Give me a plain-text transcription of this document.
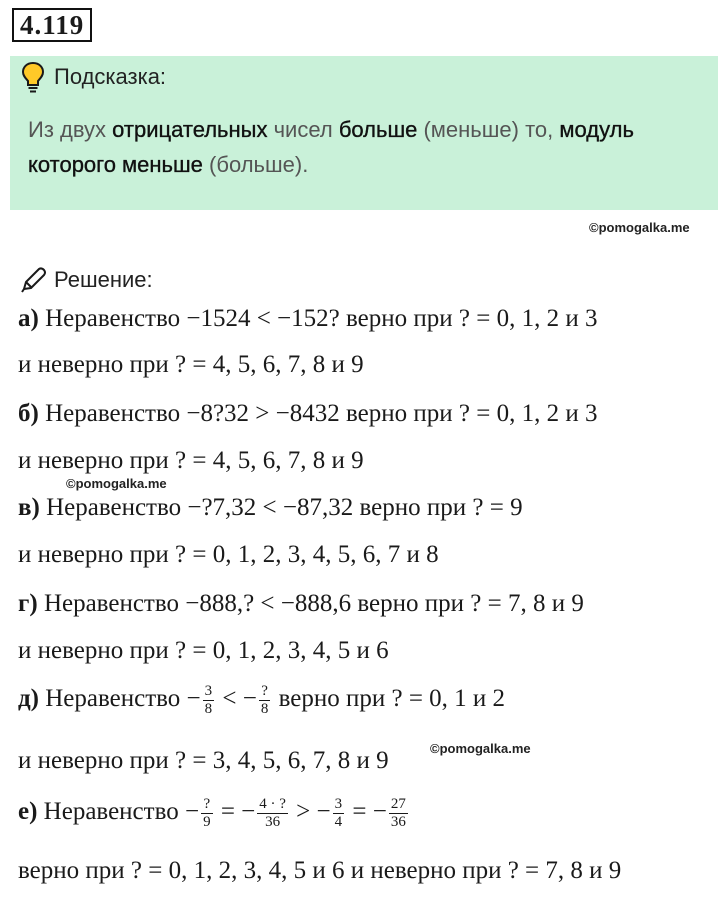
4.119
Подсказка:
Из двух отрицательных чисел больше (меньше) то, модуль которого меньше (больше).
©pomogalka.me
Решение:
а) Неравенство −1524 < −152? верно при ? = 0, 1, 2 и 3
и неверно при ? = 4, 5, 6, 7, 8 и 9
б) Неравенство −8?32 > −8432 верно при ? = 0, 1, 2 и 3
и неверно при ? = 4, 5, 6, 7, 8 и 9
©pomogalka.me
в) Неравенство −?7,32 < −87,32 верно при ? = 9
и неверно при ? = 0, 1, 2, 3, 4, 5, 6, 7 и 8
г) Неравенство −888,? < −888,6 верно при ? = 7, 8 и 9
и неверно при ? = 0, 1, 2, 3, 4, 5 и 6
д) Неравенство − $\frac{3}{8}$ < − $\frac{?}{8}$ верно при ? = 0, 1 и 2
и неверно при ? = 3, 4, 5, 6, 7, 8 и 9	©pomogalka.me
е) Неравенство − $\frac{?}{9}$ = − $\frac{4 \cdot ?}{36}$ > − $\frac{3}{4}$ = − $\frac{27}{36}$
верно при ? = 0, 1, 2, 3, 4, 5 и 6 и неверно при ? = 7, 8 и 9
